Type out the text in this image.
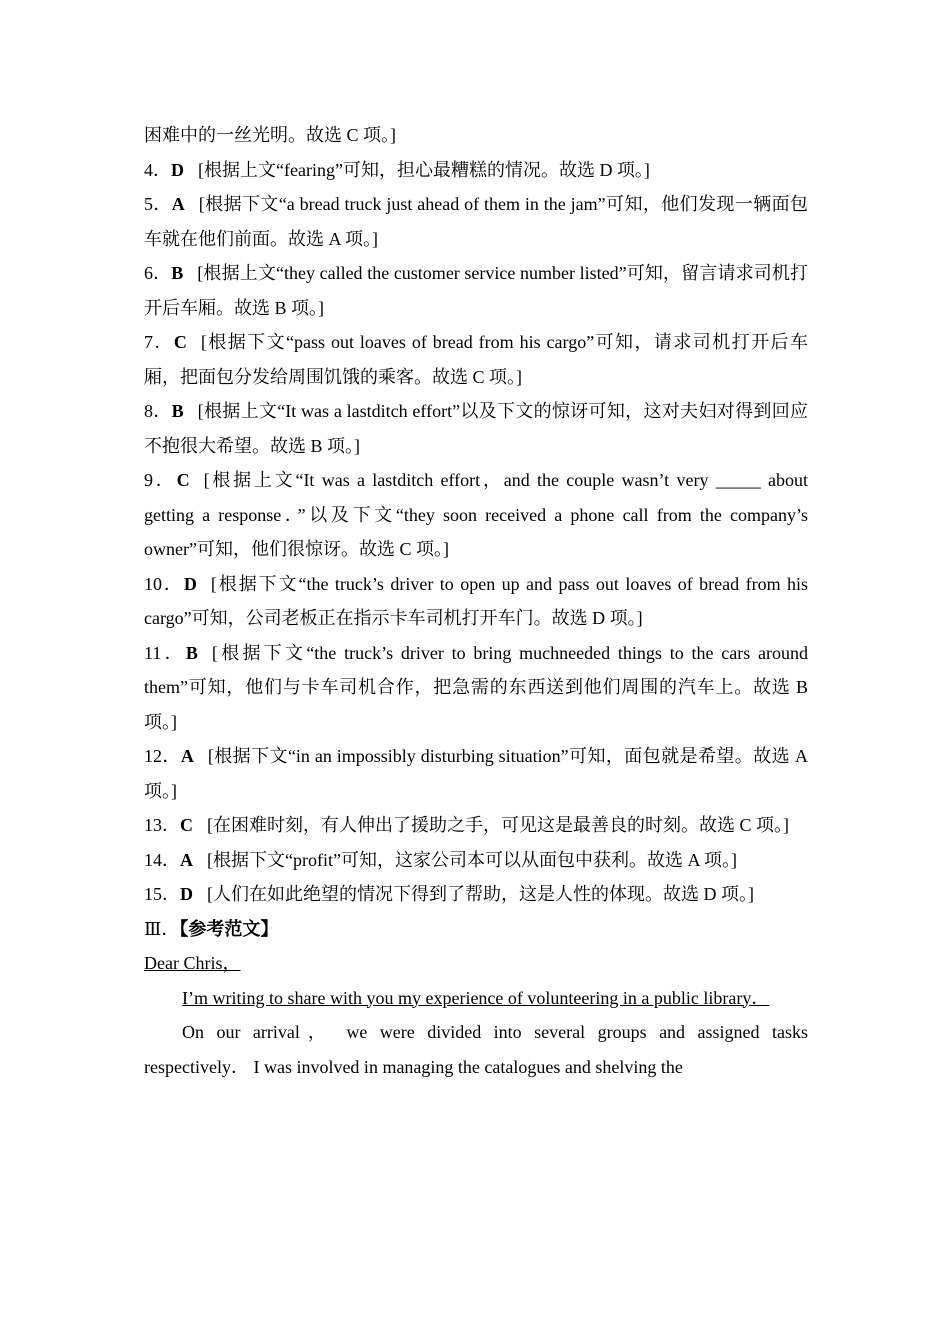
困难中的一丝光明。故选 C 项。]

4．D [根据上文“fearing”可知，担心最糟糕的情况。故选 D 项。]

5．A [根据下文“a bread truck just ahead of them in the jam”可知，他们发现一辆面包车就在他们前面。故选 A 项。]

6．B [根据上文“they called the customer service number listed”可知，留言请求司机打开后车厢。故选 B 项。]

7．C [根据下文“pass out loaves of bread from his cargo”可知，请求司机打开后车厢，把面包分发给周围饥饿的乘客。故选 C 项。]

8．B [根据上文“It was a lastditch effort”以及下文的惊讶可知，这对夫妇对得到回应不抱很大希望。故选 B 项。]

9．C [根据上文“It was a lastditch effort，and the couple wasn’t very _____ about getting a response．”以及下文“they soon received a phone call from the company’s owner”可知，他们很惊讶。故选 C 项。]

10．D [根据下文“the truck’s driver to open up and pass out loaves of bread from his cargo”可知，公司老板正在指示卡车司机打开车门。故选 D 项。]

11．B [根据下文“the truck’s driver to bring muchneeded things to the cars around them”可知，他们与卡车司机合作，把急需的东西送到他们周围的汽车上。故选 B 项。]

12．A [根据下文“in an impossibly disturbing situation”可知，面包就是希望。故选 A 项。]

13．C [在困难时刻，有人伸出了援助之手，可见这是最善良的时刻。故选 C 项。]

14．A [根据下文“profit”可知，这家公司本可以从面包中获利。故选 A 项。]

15．D [人们在如此绝望的情况下得到了帮助，这是人性的体现。故选 D 项。]

Ⅲ．【参考范文】

Dear Chris，

I’m writing to share with you my experience of volunteering in a public library．

On our arrival， we were divided into several groups and assigned tasks respectively． I was involved in managing the catalogues and shelving the
